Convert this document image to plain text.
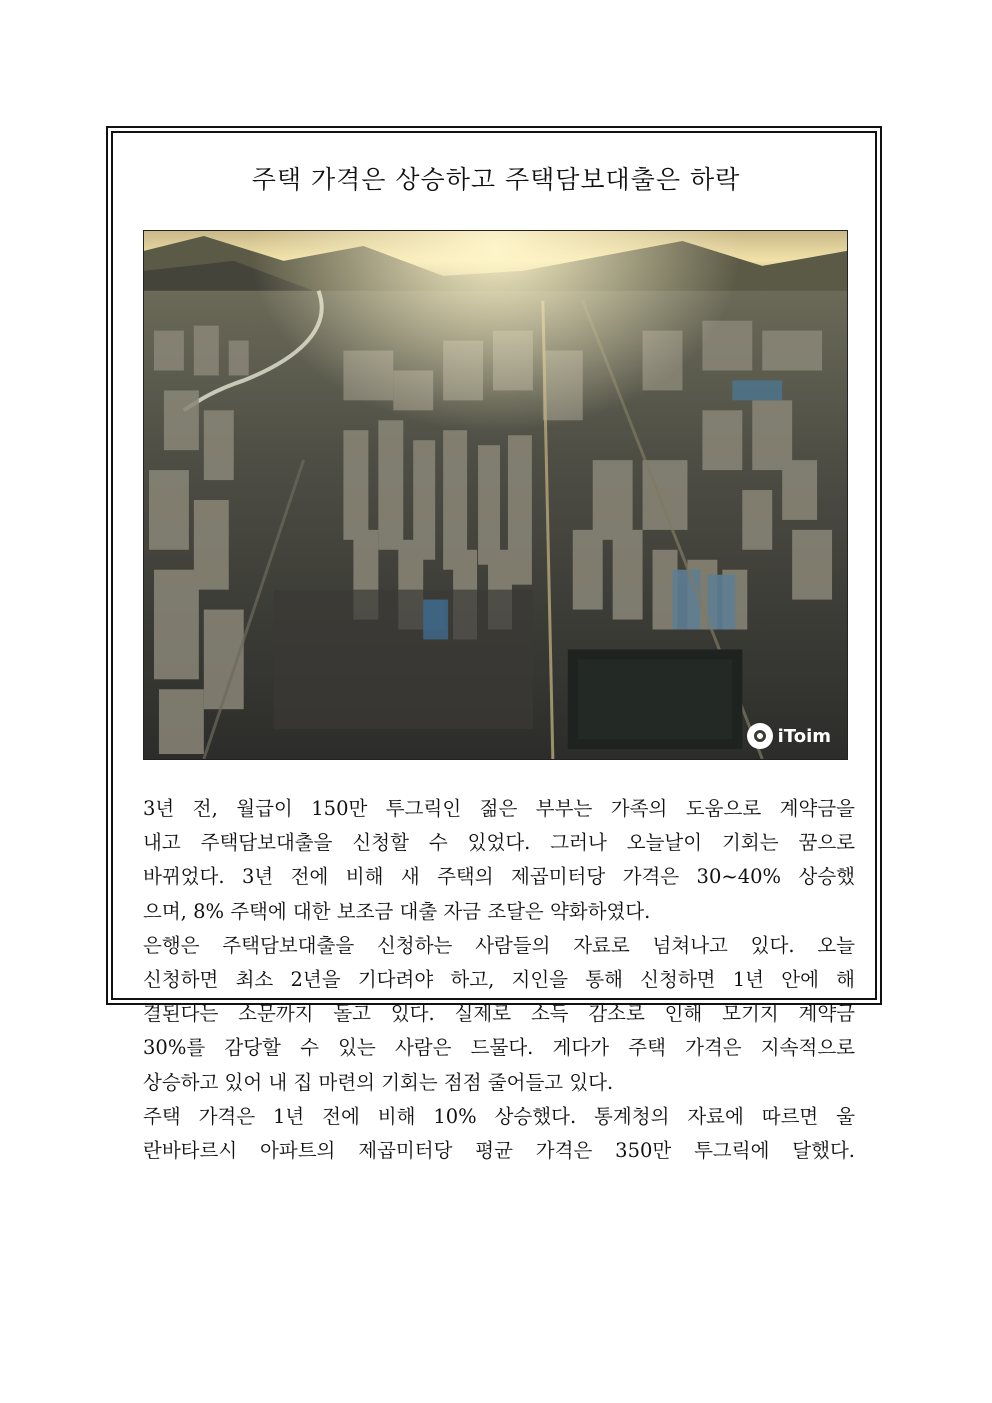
주택 가격은 상승하고 주택담보대출은 하락
iToim
3년 전, 월급이 150만 투그릭인 젊은 부부는 가족의 도움으로 계약금을
내고 주택담보대출을 신청할 수 있었다. 그러나 오늘날이 기회는 꿈으로
바뀌었다. 3년 전에 비해 새 주택의 제곱미터당 가격은 30~40% 상승했
으며, 8% 주택에 대한 보조금 대출 자금 조달은 약화하였다.
은행은 주택담보대출을 신청하는 사람들의 자료로 넘쳐나고 있다. 오늘
신청하면 최소 2년을 기다려야 하고, 지인을 통해 신청하면 1년 안에 해
결된다는 소문까지 돌고 있다. 실제로 소득 감소로 인해 모기지 계약금
30%를 감당할 수 있는 사람은 드물다. 게다가 주택 가격은 지속적으로
상승하고 있어 내 집 마련의 기회는 점점 줄어들고 있다.
주택 가격은 1년 전에 비해 10% 상승했다. 통계청의 자료에 따르면 울
란바타르시 아파트의 제곱미터당 평균 가격은 350만 투그릭에 달했다.
